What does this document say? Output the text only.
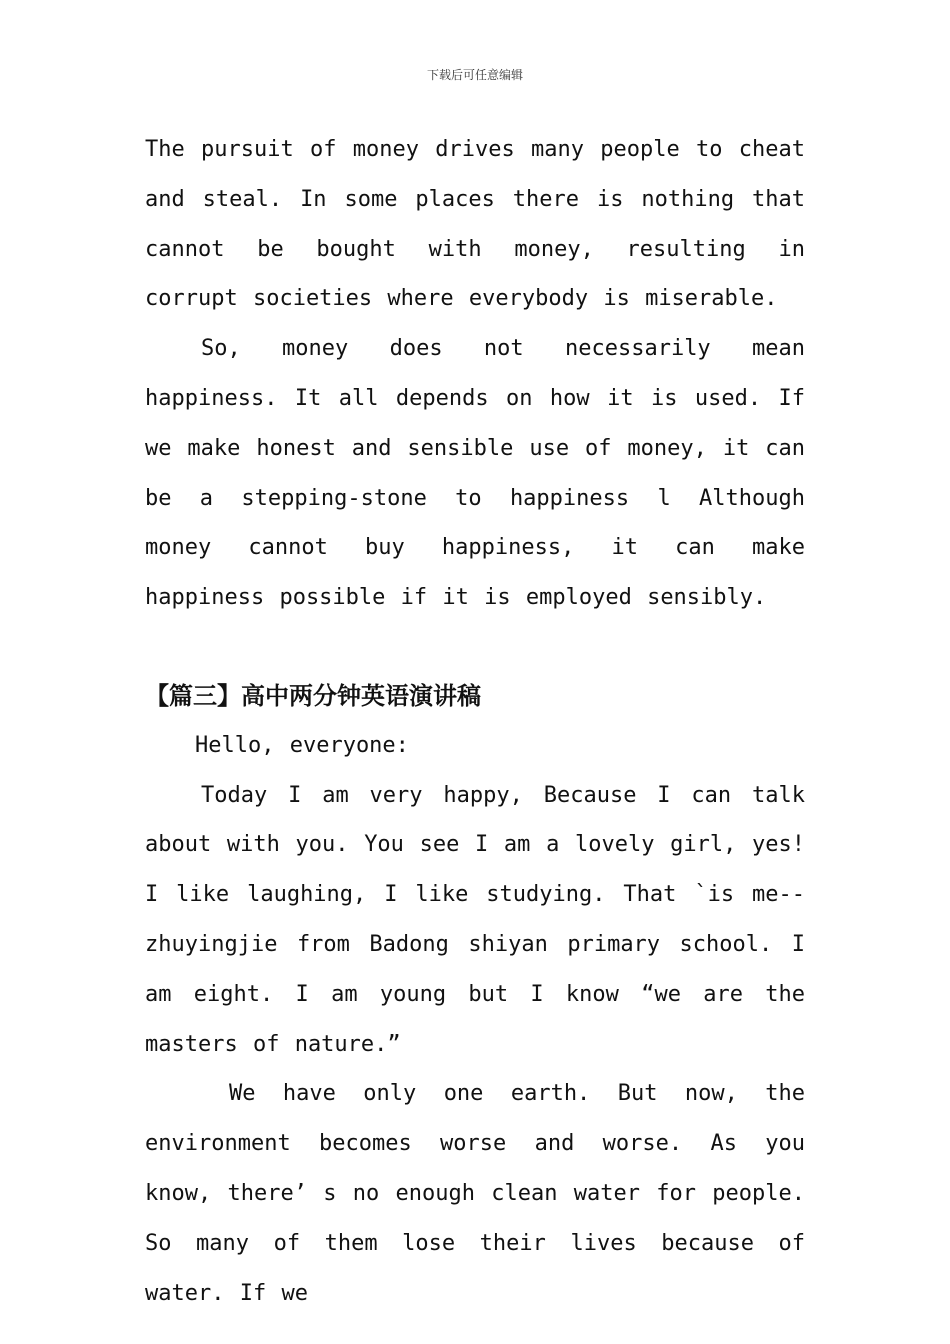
下载后可任意编辑

The pursuit of money drives many people to cheat and steal. In some places there is nothing that cannot be bought with money, resulting in corrupt societies where everybody is miserable.

So, money does not necessarily mean happiness. It all depends on how it is used. If we make honest and sensible use of money, it can be a stepping-stone to happiness l Although money cannot buy happiness, it can make happiness possible if it is employed sensibly.

【篇三】高中两分钟英语演讲稿

Hello, everyone:

Today I am very happy, Because I can talk about with you. You see I am a lovely girl, yes! I like laughing, I like studying. That `is me-- zhuyingjie from Badong shiyan primary school. I am eight. I am young but I know “we are the masters of nature.”

We have only one earth. But now, the environment becomes worse and worse. As you know, there’ s no enough clean water for people. So many of them lose their lives because of water. If we
